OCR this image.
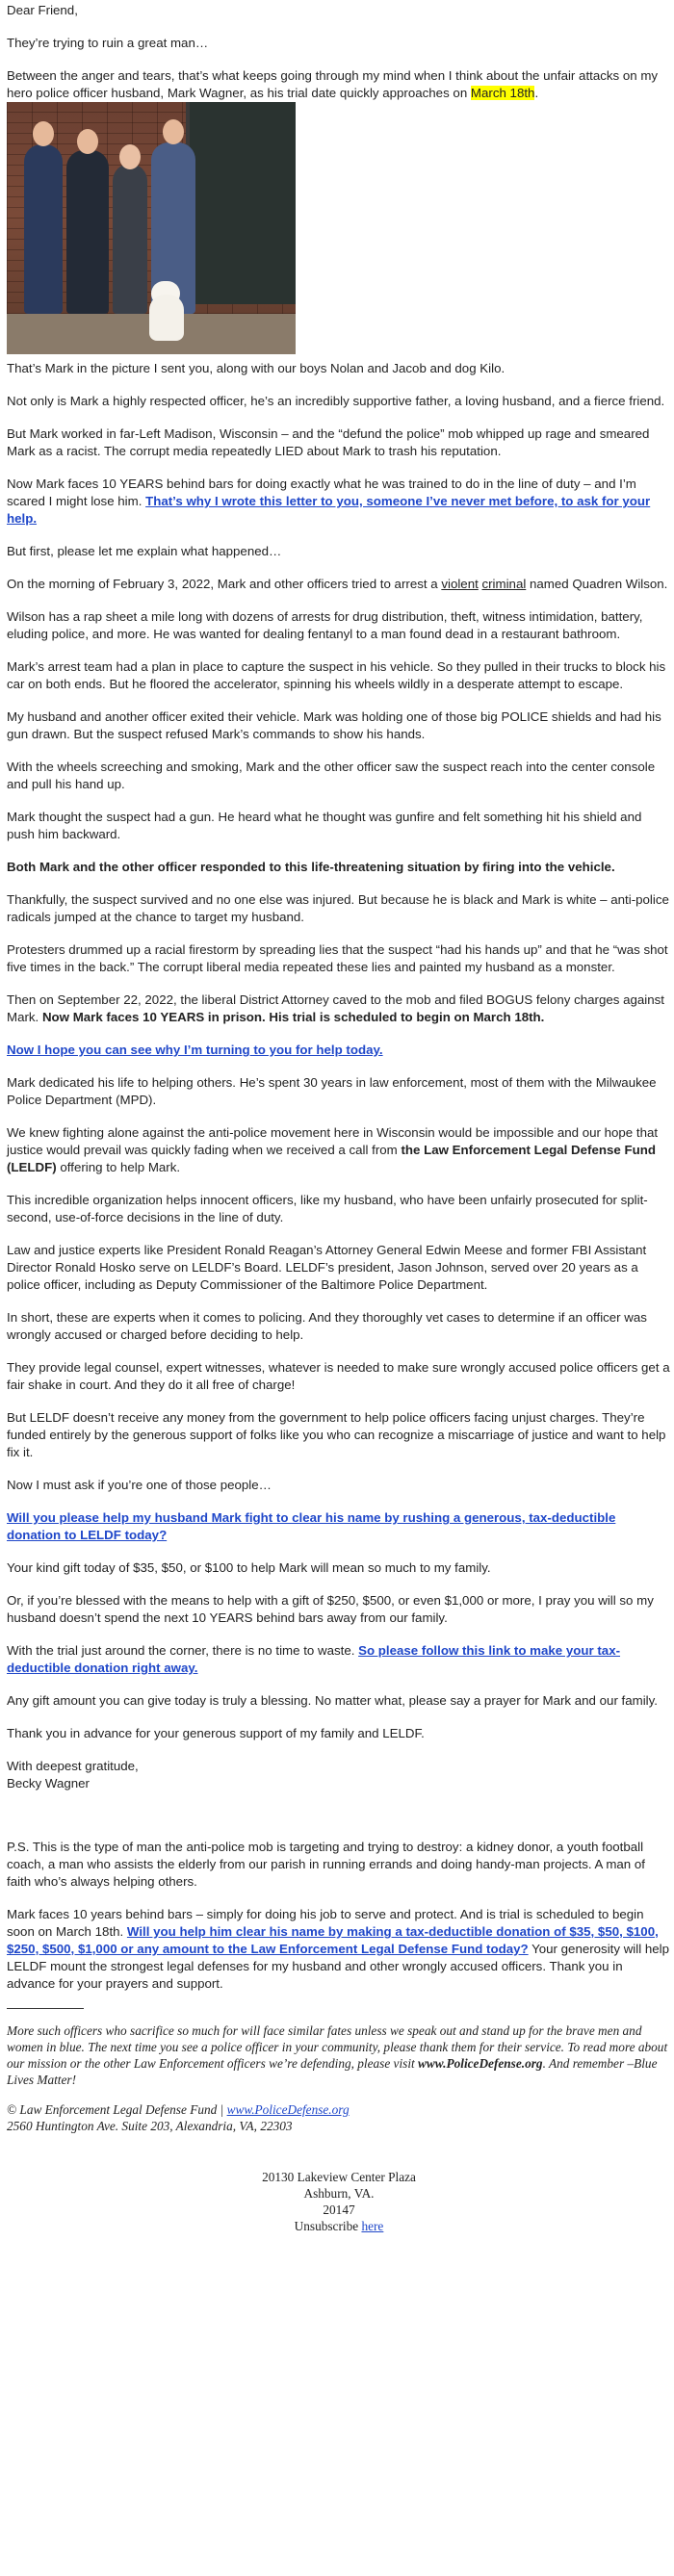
Dear Friend,

They’re trying to ruin a great man…

Between the anger and tears, that’s what keeps going through my mind when I think about the unfair attacks on my hero police officer husband, Mark Wagner, as his trial date quickly approaches on March 18th.

That’s Mark in the picture I sent you, along with our boys Nolan and Jacob and dog Kilo.

Not only is Mark a highly respected officer, he’s an incredibly supportive father, a loving husband, and a fierce friend.

But Mark worked in far-Left Madison, Wisconsin – and the “defund the police” mob whipped up rage and smeared Mark as a racist. The corrupt media repeatedly LIED about Mark to trash his reputation.

Now Mark faces 10 YEARS behind bars for doing exactly what he was trained to do in the line of duty – and I’m scared I might lose him. That’s why I wrote this letter to you, someone I’ve never met before, to ask for your help.

But first, please let me explain what happened…

On the morning of February 3, 2022, Mark and other officers tried to arrest a violent criminal named Quadren Wilson.

Wilson has a rap sheet a mile long with dozens of arrests for drug distribution, theft, witness intimidation, battery, eluding police, and more. He was wanted for dealing fentanyl to a man found dead in a restaurant bathroom.

Mark’s arrest team had a plan in place to capture the suspect in his vehicle. So they pulled in their trucks to block his car on both ends. But he floored the accelerator, spinning his wheels wildly in a desperate attempt to escape.

My husband and another officer exited their vehicle. Mark was holding one of those big POLICE shields and had his gun drawn. But the suspect refused Mark’s commands to show his hands.

With the wheels screeching and smoking, Mark and the other officer saw the suspect reach into the center console and pull his hand up.

Mark thought the suspect had a gun. He heard what he thought was gunfire and felt something hit his shield and push him backward.

Both Mark and the other officer responded to this life-threatening situation by firing into the vehicle.

Thankfully, the suspect survived and no one else was injured. But because he is black and Mark is white – anti-police radicals jumped at the chance to target my husband.

Protesters drummed up a racial firestorm by spreading lies that the suspect “had his hands up” and that he “was shot five times in the back.” The corrupt liberal media repeated these lies and painted my husband as a monster.

Then on September 22, 2022, the liberal District Attorney caved to the mob and filed BOGUS felony charges against Mark. Now Mark faces 10 YEARS in prison. His trial is scheduled to begin on March 18th.

Now I hope you can see why I’m turning to you for help today.

Mark dedicated his life to helping others. He’s spent 30 years in law enforcement, most of them with the Milwaukee Police Department (MPD).

We knew fighting alone against the anti-police movement here in Wisconsin would be impossible and our hope that justice would prevail was quickly fading when we received a call from the Law Enforcement Legal Defense Fund (LELDF) offering to help Mark.

This incredible organization helps innocent officers, like my husband, who have been unfairly prosecuted for split-second, use-of-force decisions in the line of duty.

Law and justice experts like President Ronald Reagan’s Attorney General Edwin Meese and former FBI Assistant Director Ronald Hosko serve on LELDF’s Board. LELDF’s president, Jason Johnson, served over 20 years as a police officer, including as Deputy Commissioner of the Baltimore Police Department.

In short, these are experts when it comes to policing. And they thoroughly vet cases to determine if an officer was wrongly accused or charged before deciding to help.

They provide legal counsel, expert witnesses, whatever is needed to make sure wrongly accused police officers get a fair shake in court. And they do it all free of charge!

But LELDF doesn’t receive any money from the government to help police officers facing unjust charges. They’re funded entirely by the generous support of folks like you who can recognize a miscarriage of justice and want to help fix it.

Now I must ask if you’re one of those people…

Will you please help my husband Mark fight to clear his name by rushing a generous, tax-deductible donation to LELDF today?

Your kind gift today of $35, $50, or $100 to help Mark will mean so much to my family.

Or, if you’re blessed with the means to help with a gift of $250, $500, or even $1,000 or more, I pray you will so my husband doesn’t spend the next 10 YEARS behind bars away from our family.

With the trial just around the corner, there is no time to waste. So please follow this link to make your tax-deductible donation right away.

Any gift amount you can give today is truly a blessing. No matter what, please say a prayer for Mark and our family.

Thank you in advance for your generous support of my family and LELDF.

With deepest gratitude,

Becky Wagner

P.S. This is the type of man the anti-police mob is targeting and trying to destroy: a kidney donor, a youth football coach, a man who assists the elderly from our parish in running errands and doing handy-man projects. A man of faith who’s always helping others.

Mark faces 10 years behind bars – simply for doing his job to serve and protect. And is trial is scheduled to begin soon on March 18th. Will you help him clear his name by making a tax-deductible donation of $35, $50, $100, $250, $500, $1,000 or any amount to the Law Enforcement Legal Defense Fund today? Your generosity will help LELDF mount the strongest legal defenses for my husband and other wrongly accused officers. Thank you in advance for your prayers and support.

More such officers who sacrifice so much for will face similar fates unless we speak out and stand up for the brave men and women in blue. The next time you see a police officer in your community, please thank them for their service. To read more about our mission or the other Law Enforcement officers we’re defending, please visit www.PoliceDefense.org. And remember –Blue Lives Matter!

© Law Enforcement Legal Defense Fund | www.PoliceDefense.org

2560 Huntington Ave. Suite 203, Alexandria, VA, 22303

20130 Lakeview Center Plaza
Ashburn, VA.
20147
Unsubscribe here
